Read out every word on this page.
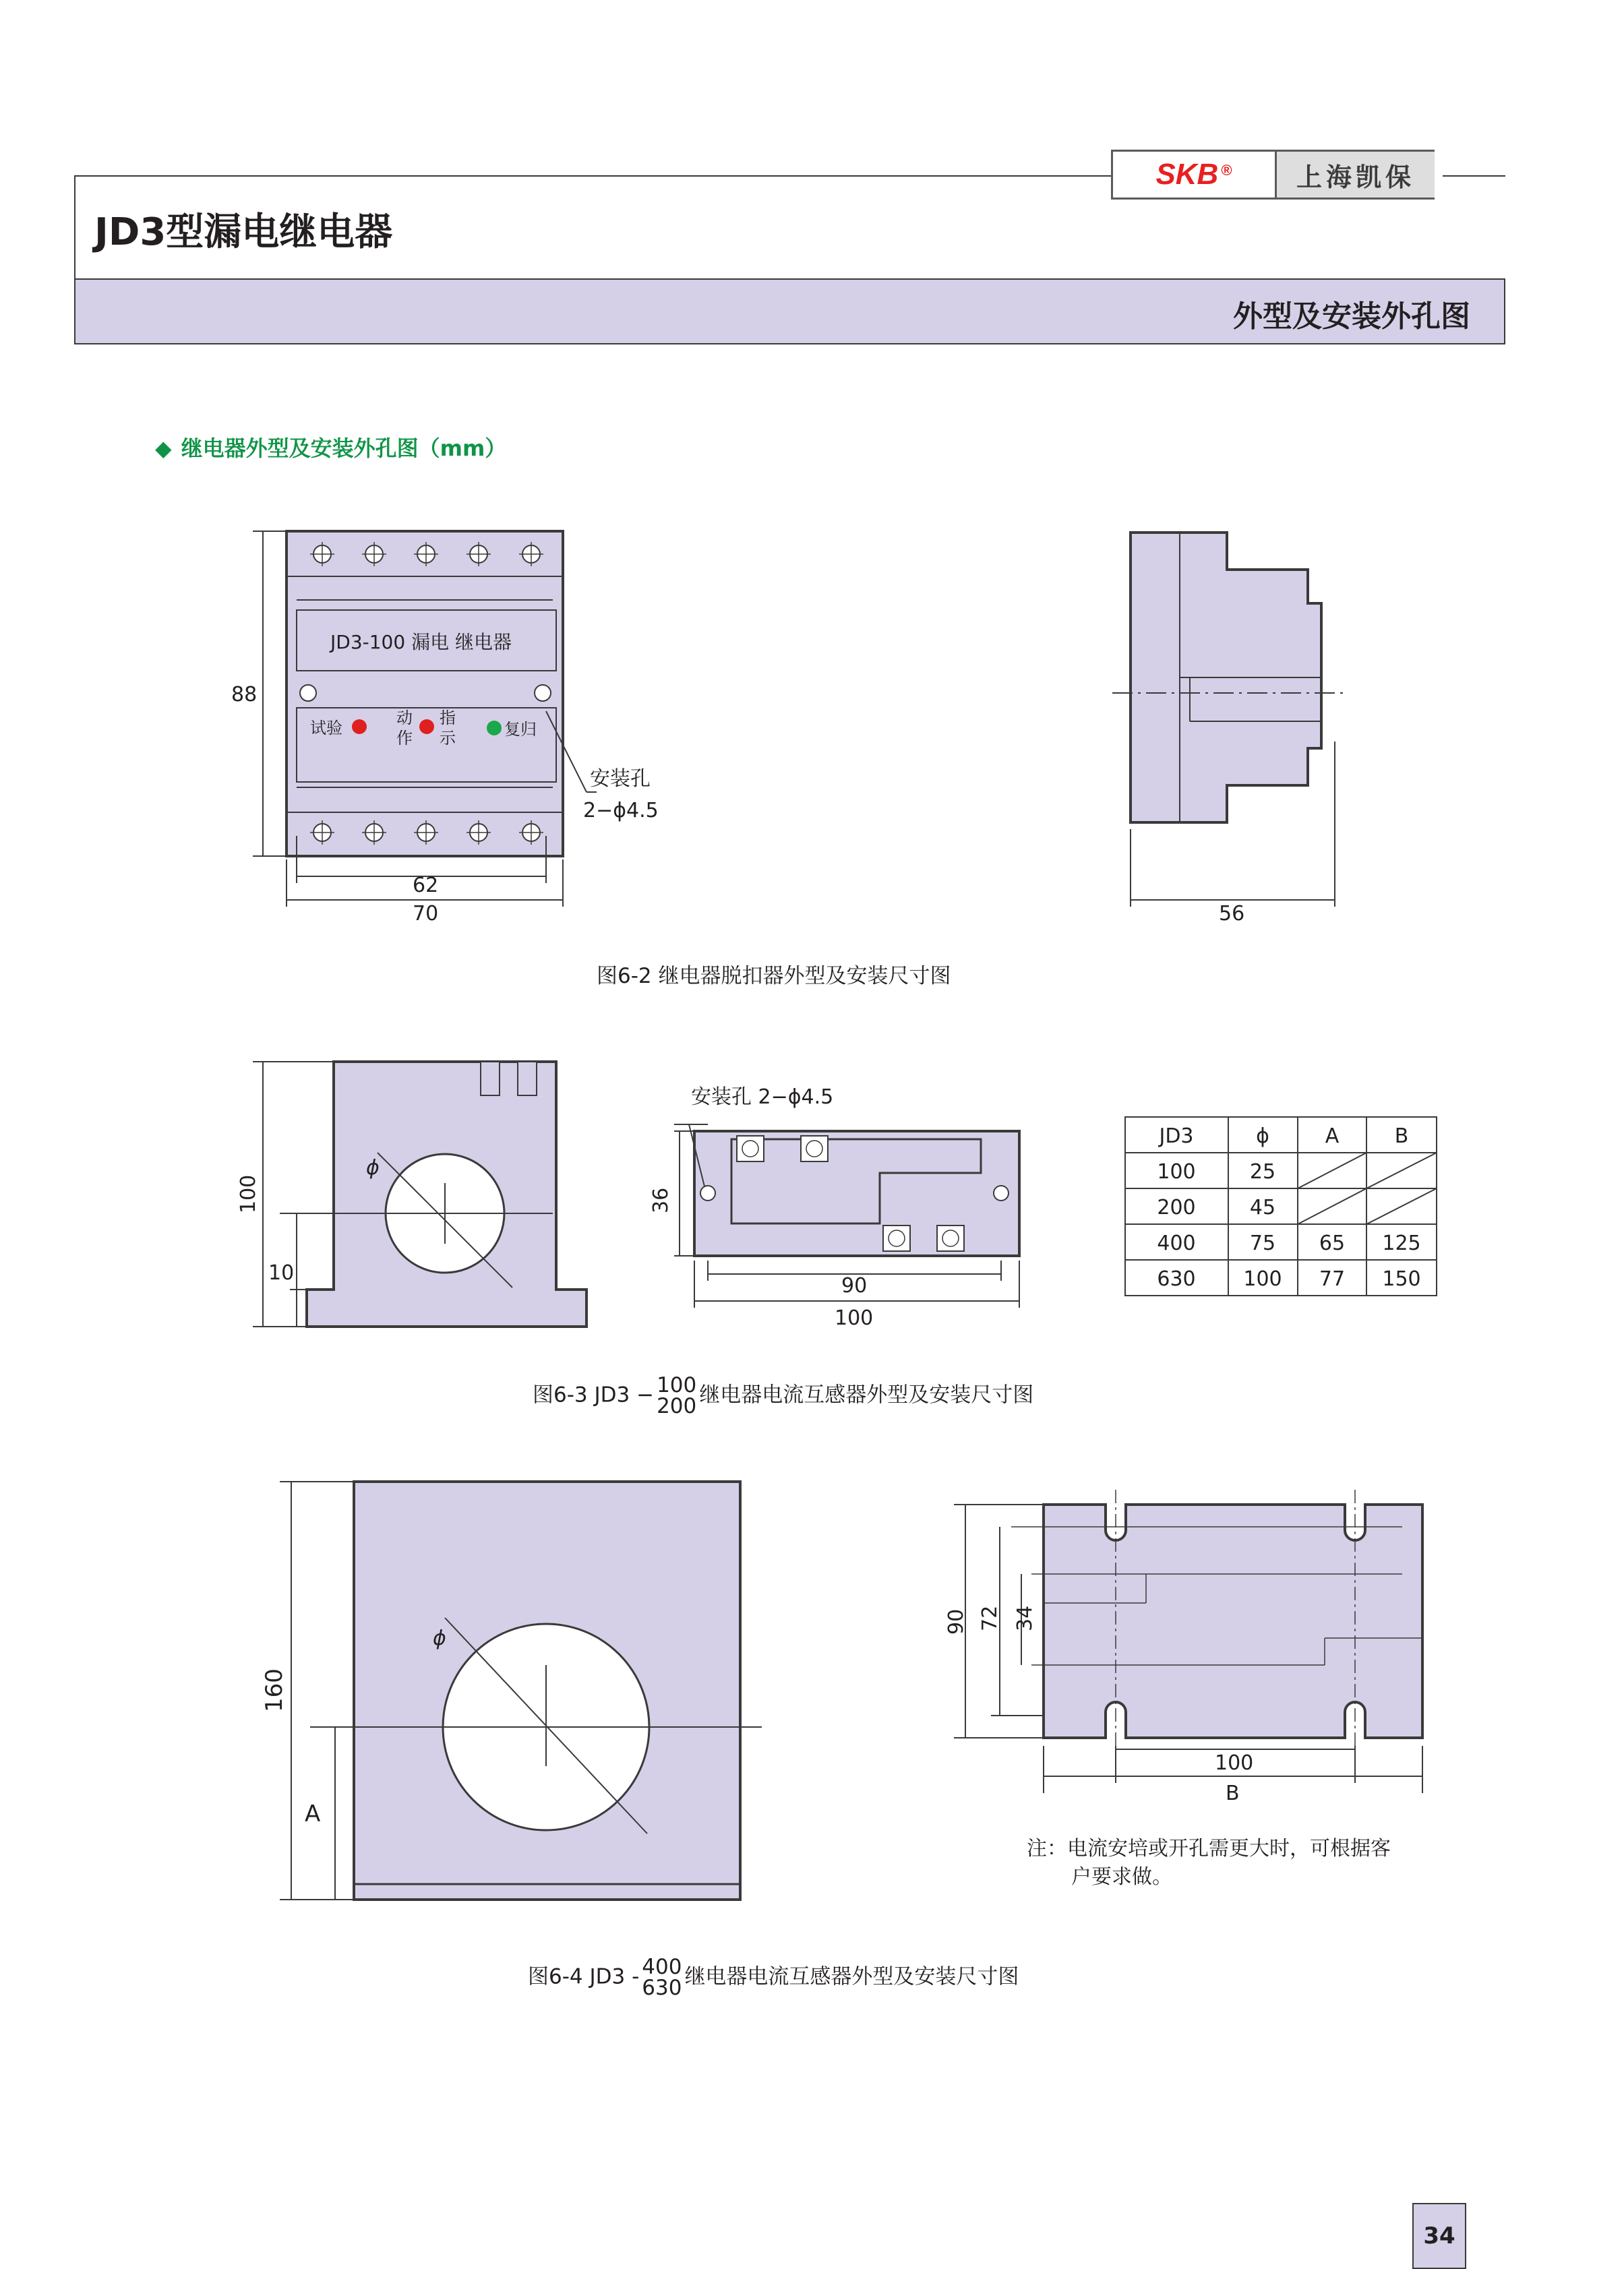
SKB®	上海凯保
JD3型漏电继电器
外型及安装外孔图
◆ 继电器外型及安装外孔图（mm）
JD3-100 漏电 继电器
试验
动
作
指
示	复归
安装孔
2−ϕ4.5
88
62
70	56
图6-2 继电器脱扣器外型及安装尺寸图
ϕ
100
10
安装孔 2−ϕ4.5
36
90
100
JD3	ϕ	A	B
100	25
200	45
400	75 65 125
630 100 77 150
图6-3 JD3 − 100
200 继电器电流互感器外型及安装尺寸图
ϕ
160
A
90 72 34
100
B
注：电流安培或开孔需更大时，可根据客
户要求做。
图6-4 JD3 - 400
630 继电器电流互感器外型及安装尺寸图
34
